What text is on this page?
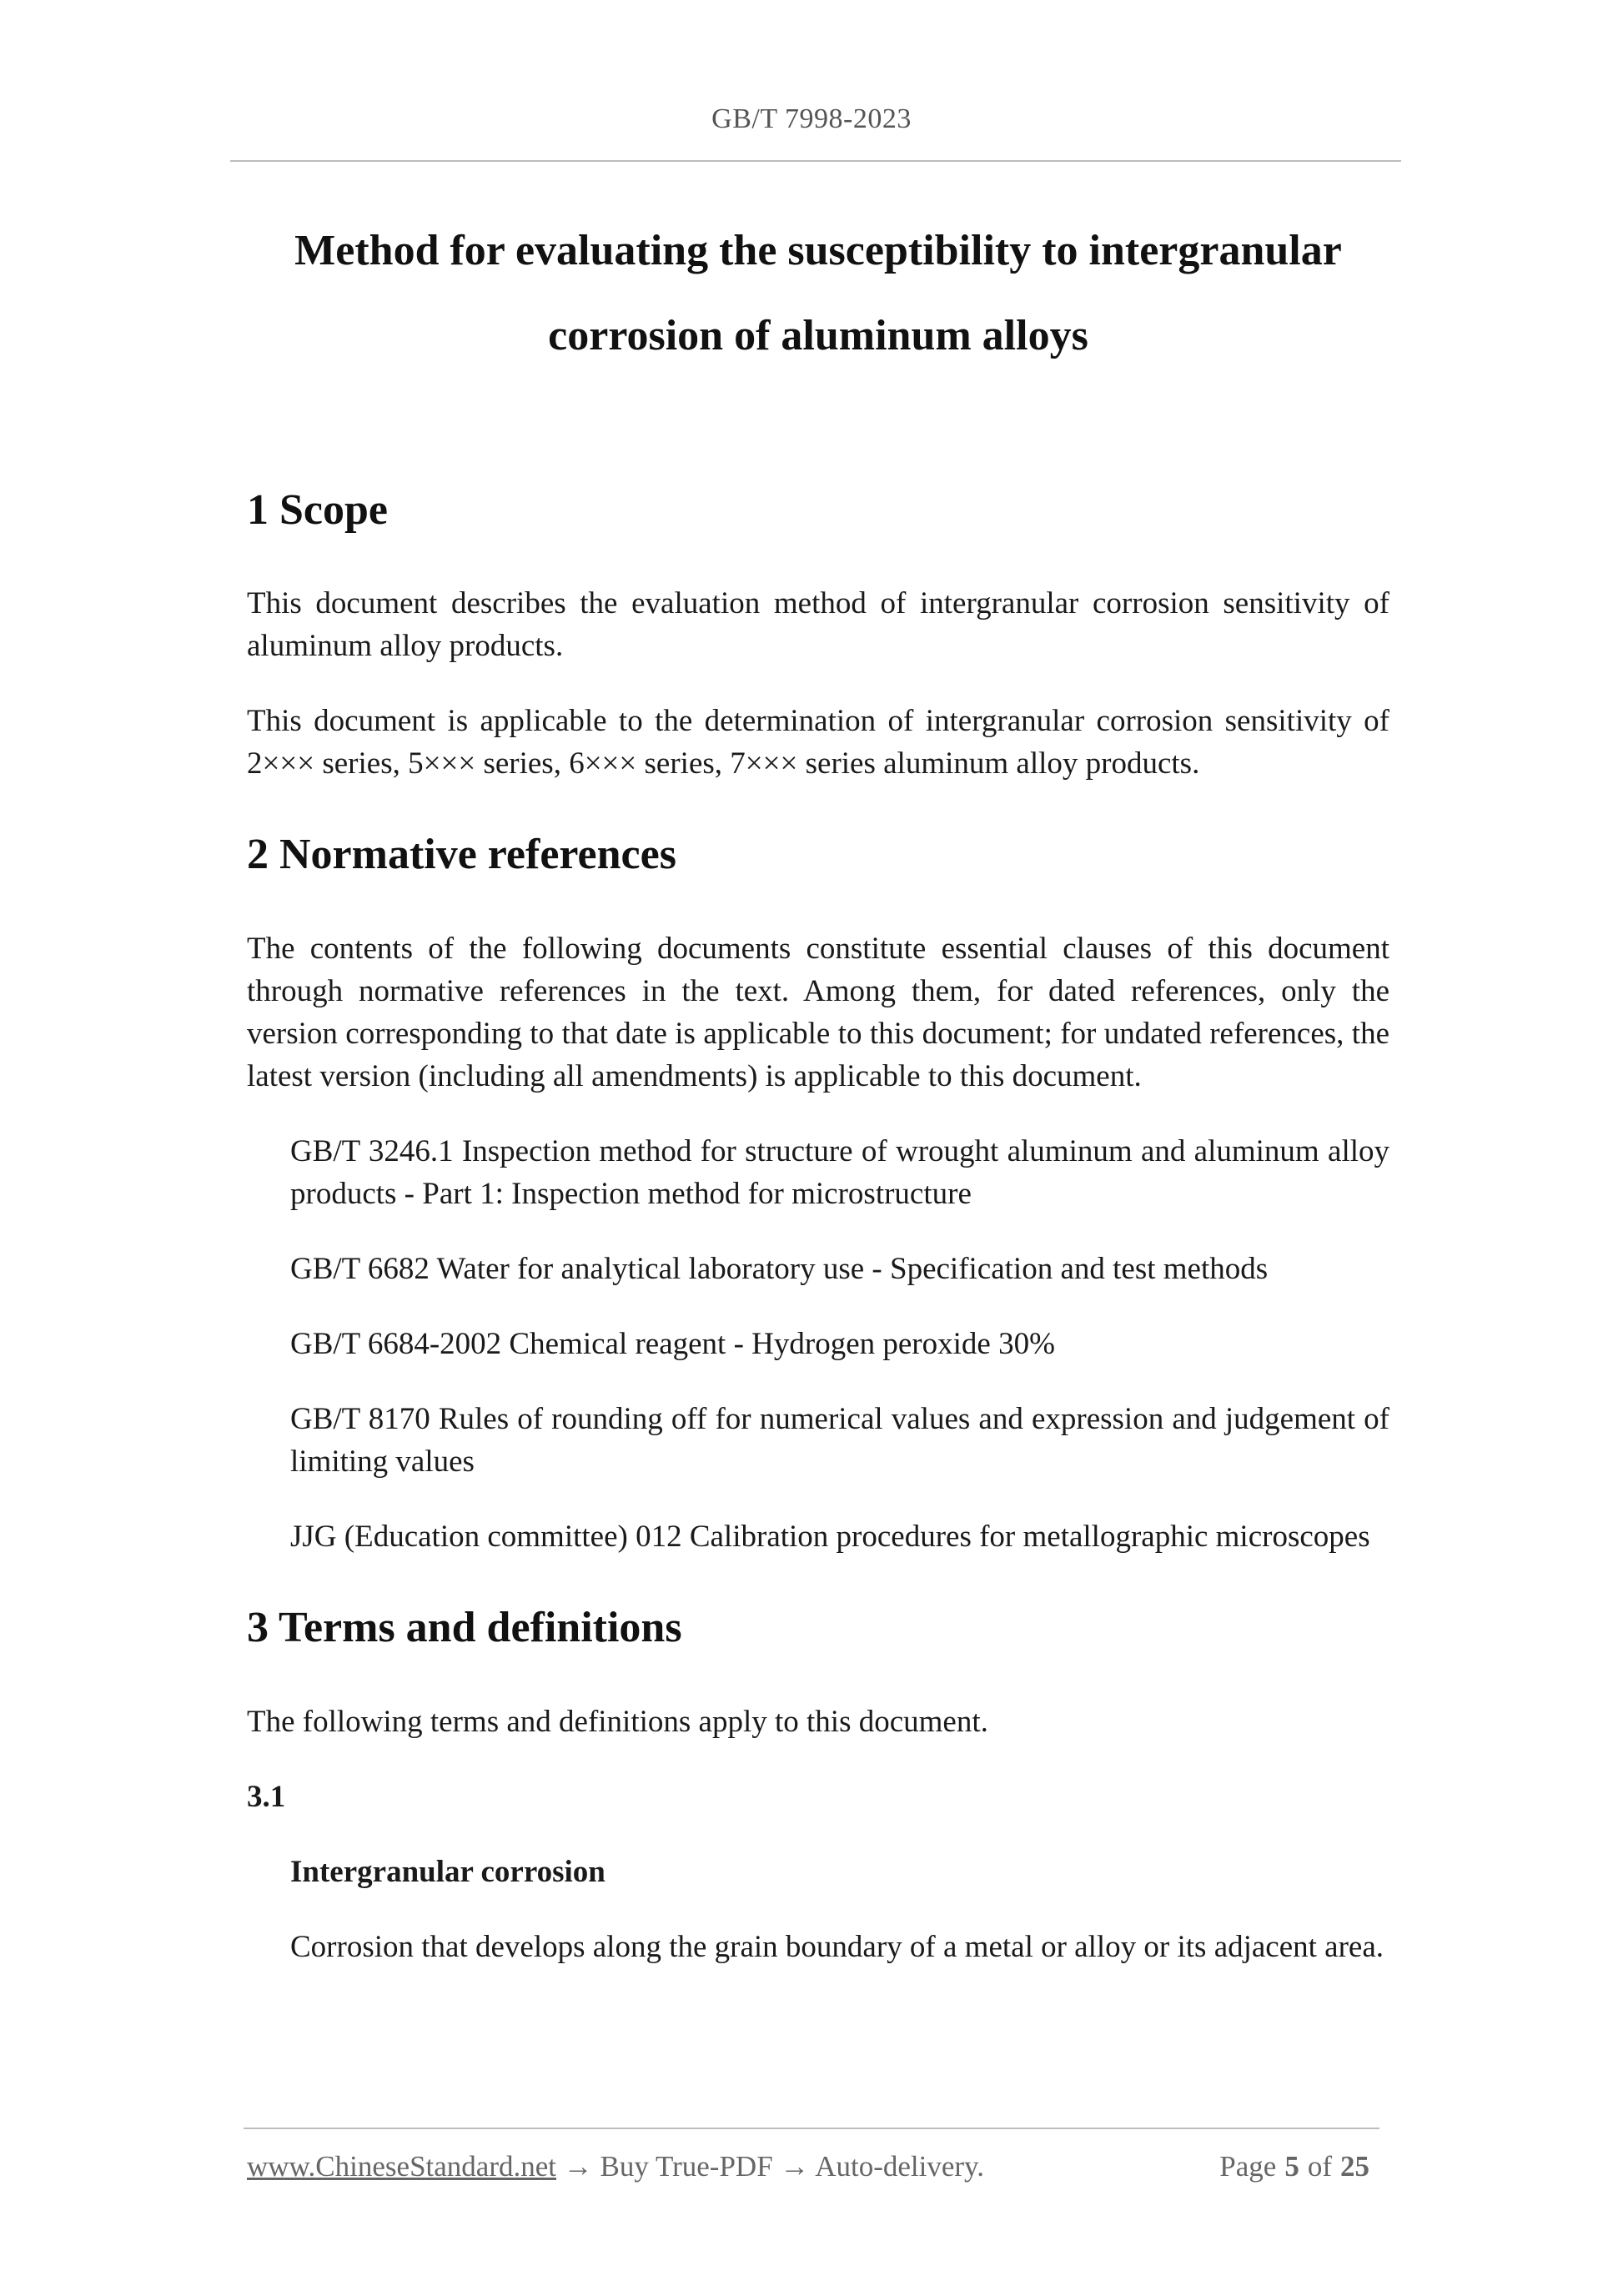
GB/T 7998-2023
Method for evaluating the susceptibility to intergranular
corrosion of aluminum alloys
1 Scope

This document describes the evaluation method of intergranular corrosion sensitivity of aluminum alloy products.

This document is applicable to the determination of intergranular corrosion sensitivity of 2××× series, 5××× series, 6××× series, 7××× series aluminum alloy products.

2 Normative references

The contents of the following documents constitute essential clauses of this document through normative references in the text. Among them, for dated references, only the version corresponding to that date is applicable to this document; for undated references, the latest version (including all amendments) is applicable to this document.

GB/T 3246.1 Inspection method for structure of wrought aluminum and aluminum alloy products - Part 1: Inspection method for microstructure

GB/T 6682 Water for analytical laboratory use - Specification and test methods

GB/T 6684-2002 Chemical reagent - Hydrogen peroxide 30%

GB/T 8170 Rules of rounding off for numerical values and expression and judgement of limiting values

JJG (Education committee) 012 Calibration procedures for metallographic microscopes

3 Terms and definitions

The following terms and definitions apply to this document.

3.1

Intergranular corrosion

Corrosion that develops along the grain boundary of a metal or alloy or its adjacent area.

www.ChineseStandard.net → Buy True-PDF → Auto-delivery.	Page 5 of 25
